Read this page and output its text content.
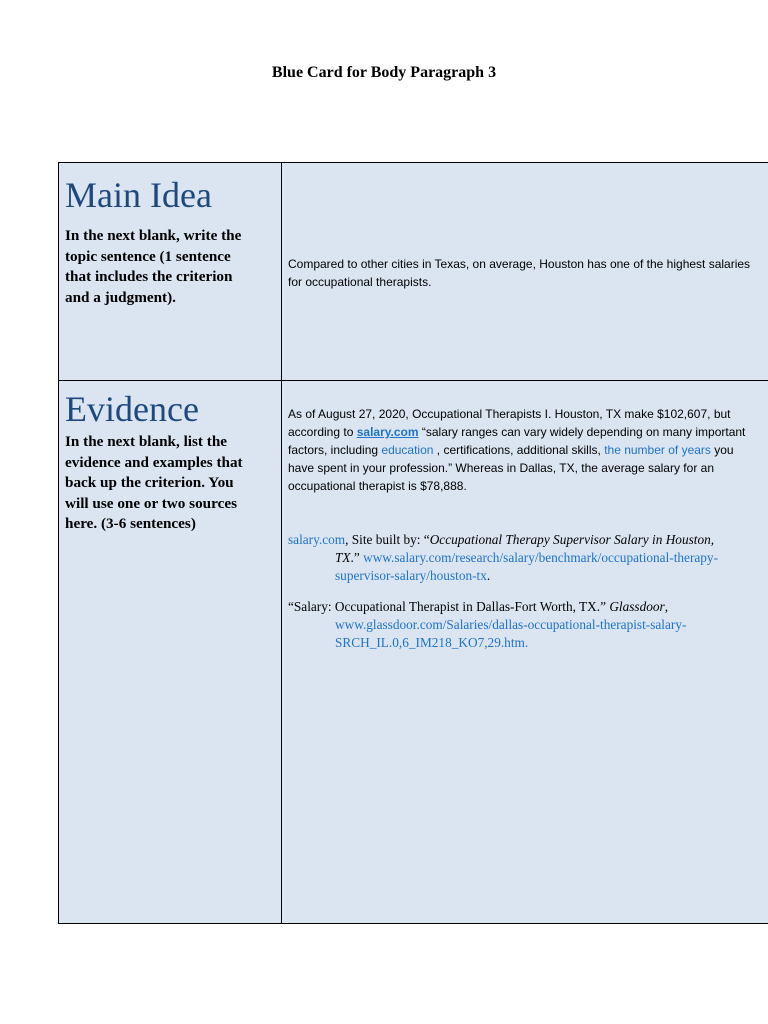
Blue Card for Body Paragraph 3
Main Idea
In the next blank, write the
topic sentence (1 sentence
that includes the criterion
and a judgment).
Compared to other cities in Texas, on average, Houston has one of the highest salaries
for occupational therapists.
Evidence
In the next blank, list the
evidence and examples that
back up the criterion. You
will use one or two sources
here. (3-6 sentences)
As of August 27, 2020, Occupational Therapists I. Houston, TX make $102,607, but
according to salary.com “salary ranges can vary widely depending on many important
factors, including education , certifications, additional skills, the number of years you
have spent in your profession.” Whereas in Dallas, TX, the average salary for an
occupational therapist is $78,888.
salary.com, Site built by: “Occupational Therapy Supervisor Salary in Houston,
TX.” www.salary.com/research/salary/benchmark/occupational-therapy-
supervisor-salary/houston-tx.
“Salary: Occupational Therapist in Dallas-Fort Worth, TX.” Glassdoor,
www.glassdoor.com/Salaries/dallas-occupational-therapist-salary-
SRCH_IL.0,6_IM218_KO7,29.htm.
